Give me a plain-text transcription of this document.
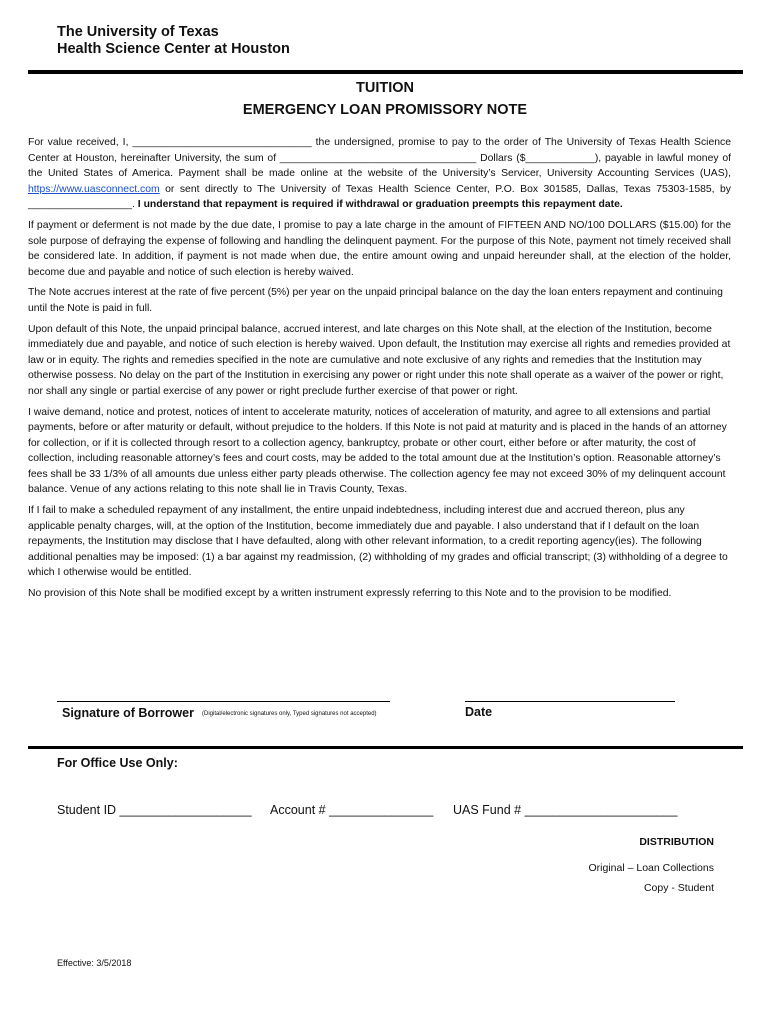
The University of Texas
Health Science Center at Houston
TUITION
EMERGENCY LOAN PROMISSORY NOTE

For value received, I, _______________________________ the undersigned, promise to pay to the order of The University of Texas Health Science Center at Houston, hereinafter University, the sum of __________________________________ Dollars ($____________), payable in lawful money of the United States of America. Payment shall be made online at the website of the University’s Servicer, University Accounting Services (UAS), https://www.uasconnect.com or sent directly to The University of Texas Health Science Center, P.O. Box 301585, Dallas, Texas 75303-1585, by __________________. I understand that repayment is required if withdrawal or graduation preempts this repayment date.

If payment or deferment is not made by the due date, I promise to pay a late charge in the amount of FIFTEEN AND NO/100 DOLLARS ($15.00) for the sole purpose of defraying the expense of following and handling the delinquent payment. For the purpose of this Note, payment not timely received shall be considered late. In addition, if payment is not made when due, the entire amount owing and unpaid hereunder shall, at the election of the holder, become due and payable and notice of such election is hereby waived.

The Note accrues interest at the rate of five percent (5%) per year on the unpaid principal balance on the day the loan enters repayment and continuing until the Note is paid in full.

Upon default of this Note, the unpaid principal balance, accrued interest, and late charges on this Note shall, at the election of the Institution, become immediately due and payable, and notice of such election is hereby waived. Upon default, the Institution may exercise all rights and remedies provided at law or in equity. The rights and remedies specified in the note are cumulative and note exclusive of any rights and remedies that the Institution may otherwise possess. No delay on the part of the Institution in exercising any power or right under this note shall operate as a waiver of the power or right, nor shall any single or partial exercise of any power or right preclude further exercise of that power or right.

I waive demand, notice and protest, notices of intent to accelerate maturity, notices of acceleration of maturity, and agree to all extensions and partial payments, before or after maturity or default, without prejudice to the holders. If this Note is not paid at maturity and is placed in the hands of an attorney for collection, or if it is collected through resort to a collection agency, bankruptcy, probate or other court, either before or after maturity, the cost of collection, including reasonable attorney’s fees and court costs, may be added to the total amount due at the Institution’s option. Reasonable attorney’s fees shall be 33 1/3% of all amounts due unless either party pleads otherwise. The collection agency fee may not exceed 30% of my delinquent account balance. Venue of any actions relating to this note shall lie in Travis County, Texas.

If I fail to make a scheduled repayment of any installment, the entire unpaid indebtedness, including interest due and accrued thereon, plus any applicable penalty charges, will, at the option of the Institution, become immediately due and payable. I also understand that if I default on the loan repayments, the Institution may disclose that I have defaulted, along with other relevant information, to a credit reporting agency(ies). The following additional penalties may be imposed: (1) a bar against my readmission, (2) withholding of my grades and official transcript; (3) withholding of a degree to which I otherwise would be entitled.

No provision of this Note shall be modified except by a written instrument expressly referring to this Note and to the provision to be modified.

Signature of Borrower (Digital/electronic signatures only, Typed signatures not accepted)	Date
For Office Use Only:
Student ID ___________________ Account # _______________ UAS Fund # ______________________
DISTRIBUTION
Original – Loan Collections
Copy - Student
Effective: 3/5/2018
